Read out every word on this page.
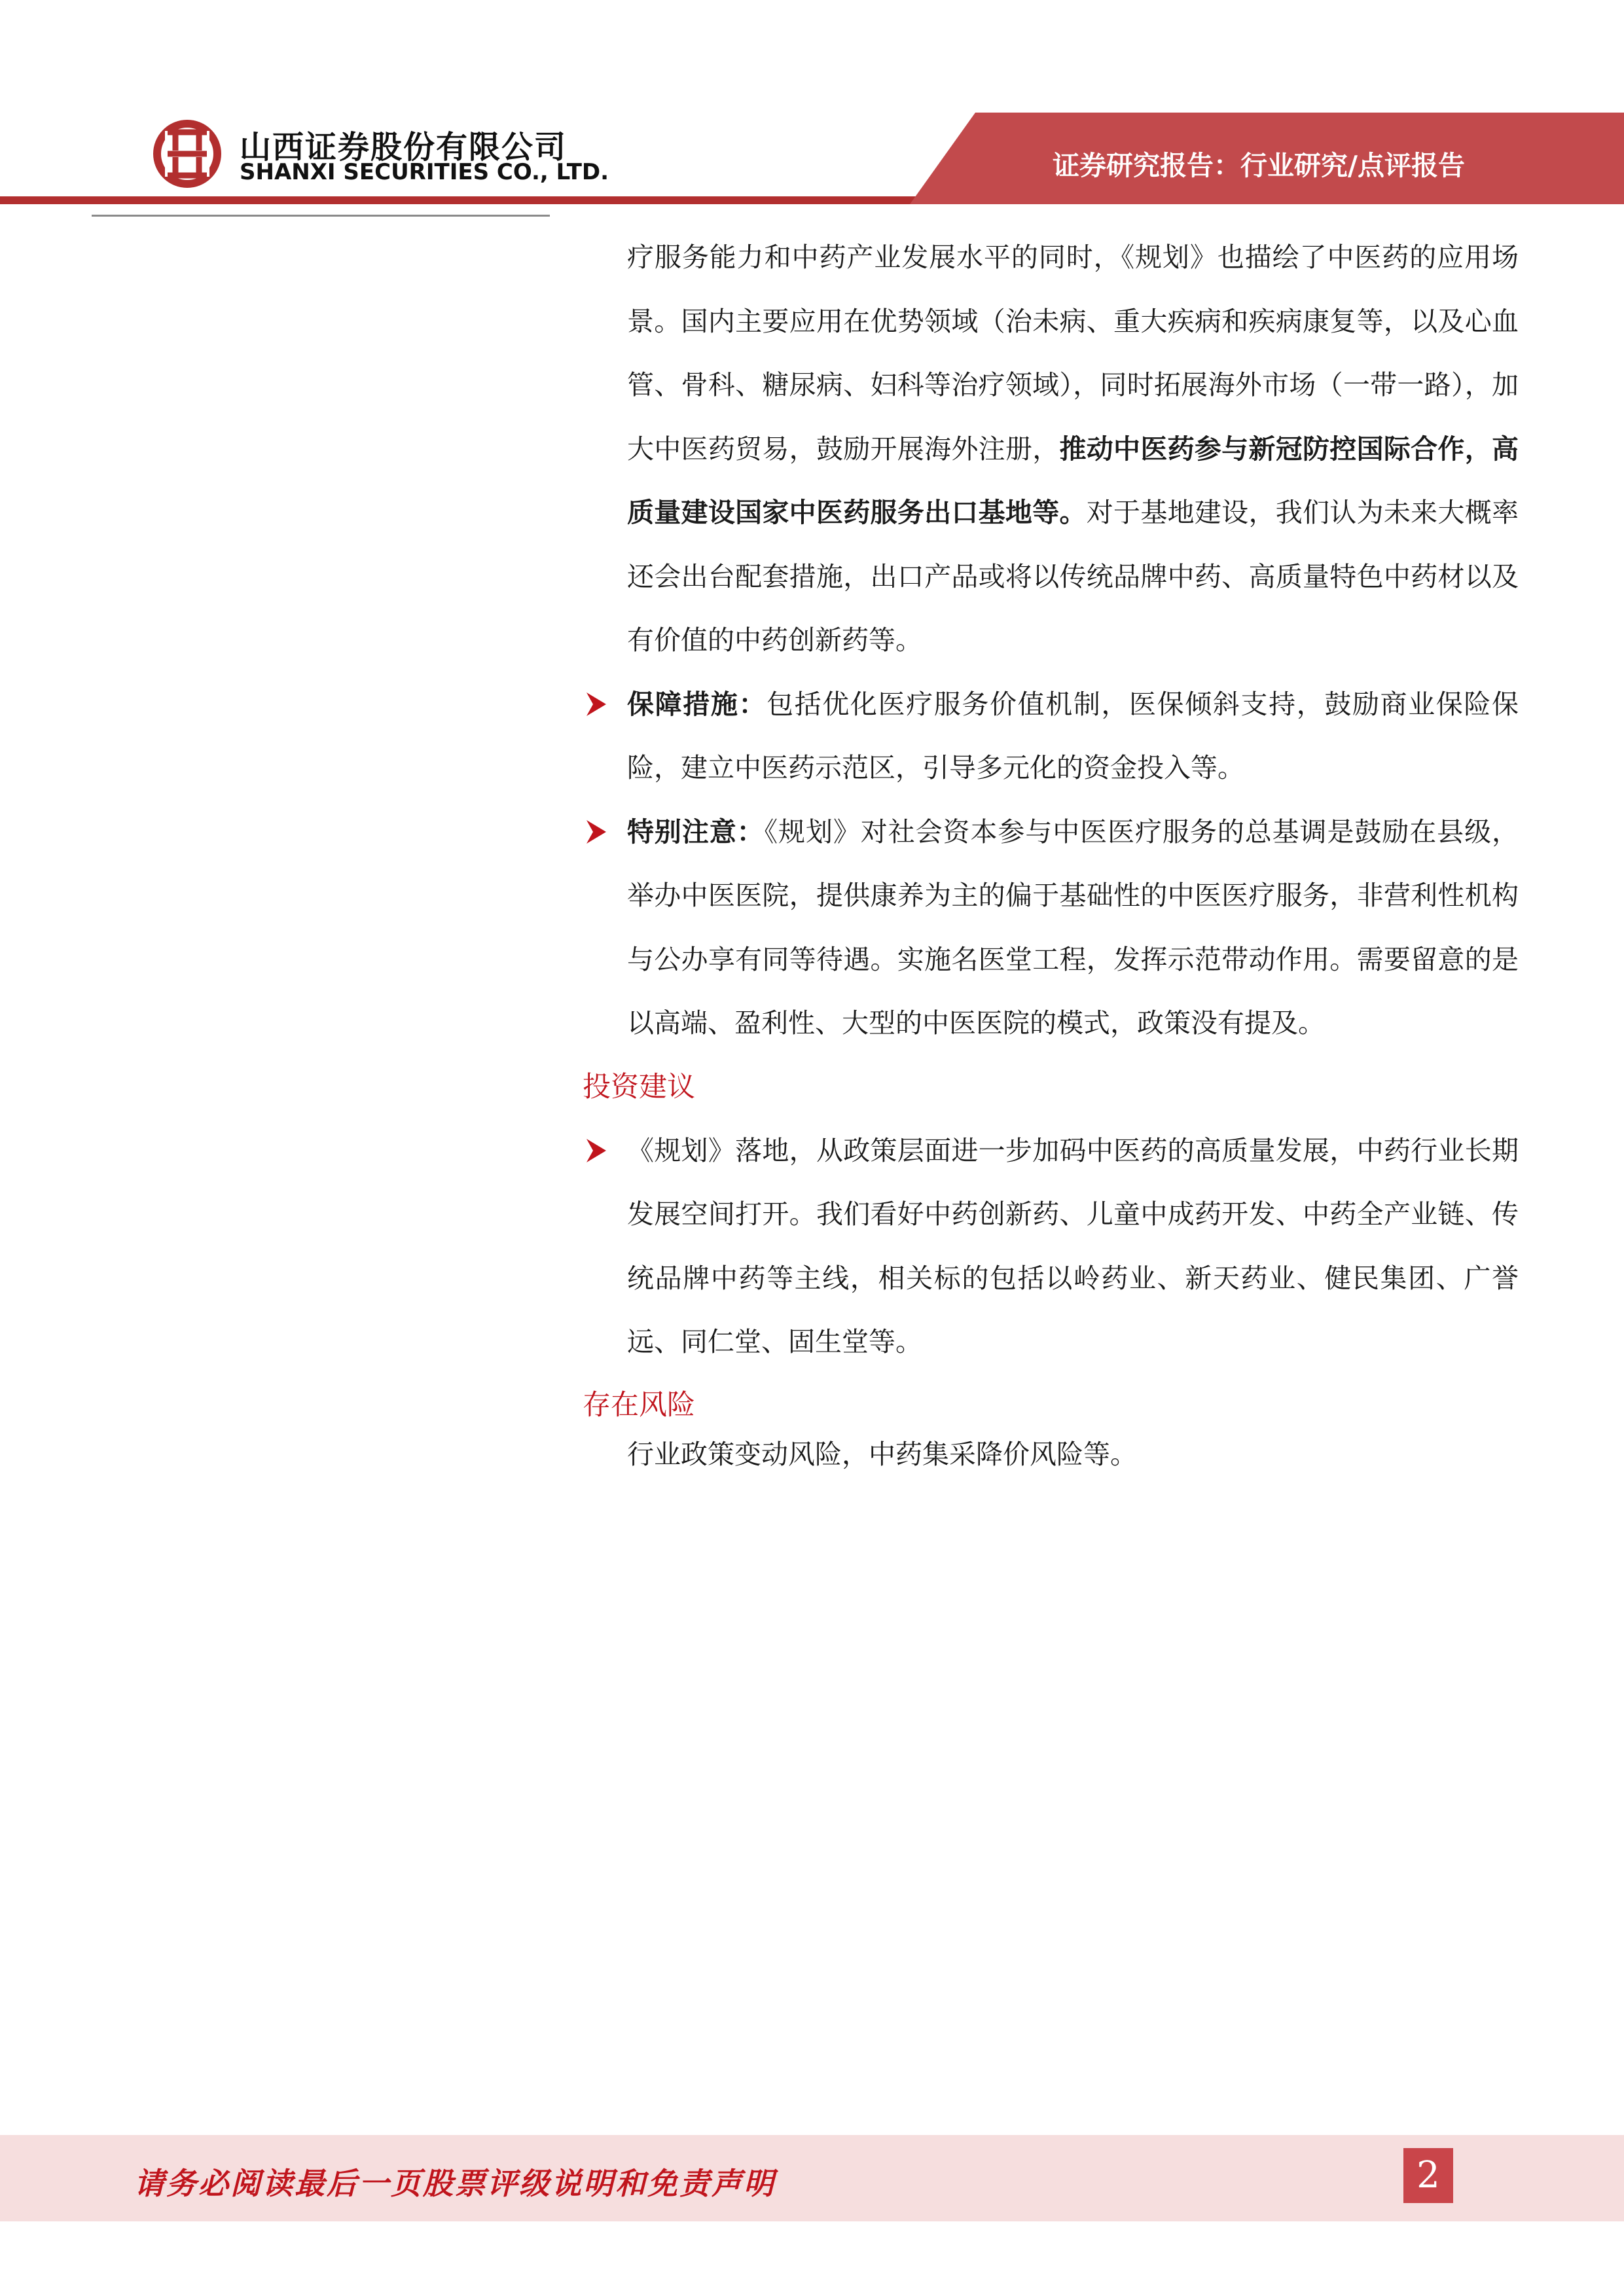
山西证券股份有限公司
SHANXI SECURITIES CO., LTD.	证券研究报告：行业研究/点评报告

疗服务能力和中药产业发展水平的同时，《规划》也描绘了中医药的应用场景。国内主要应用在优势领域（治未病、重大疾病和疾病康复等，以及心血管、骨科、糖尿病、妇科等治疗领域），同时拓展海外市场（一带一路），加大中医药贸易，鼓励开展海外注册，推动中医药参与新冠防控国际合作，高质量建设国家中医药服务出口基地等。对于基地建设，我们认为未来大概率还会出台配套措施，出口产品或将以传统品牌中药、高质量特色中药材以及有价值的中药创新药等。

保障措施：包括优化医疗服务价值机制，医保倾斜支持，鼓励商业保险保险，建立中医药示范区，引导多元化的资金投入等。
特别注意：《规划》对社会资本参与中医医疗服务的总基调是鼓励在县级，举办中医医院，提供康养为主的偏于基础性的中医医疗服务，非营利性机构与公办享有同等待遇。实施名医堂工程，发挥示范带动作用。需要留意的是以高端、盈利性、大型的中医医院的模式，政策没有提及。

投资建议

《规划》落地，从政策层面进一步加码中医药的高质量发展，中药行业长期发展空间打开。我们看好中药创新药、儿童中成药开发、中药全产业链、传统品牌中药等主线，相关标的包括以岭药业、新天药业、健民集团、广誉远、同仁堂、固生堂等。

存在风险

行业政策变动风险，中药集采降价风险等。

请务必阅读最后一页股票评级说明和免责声明	2
